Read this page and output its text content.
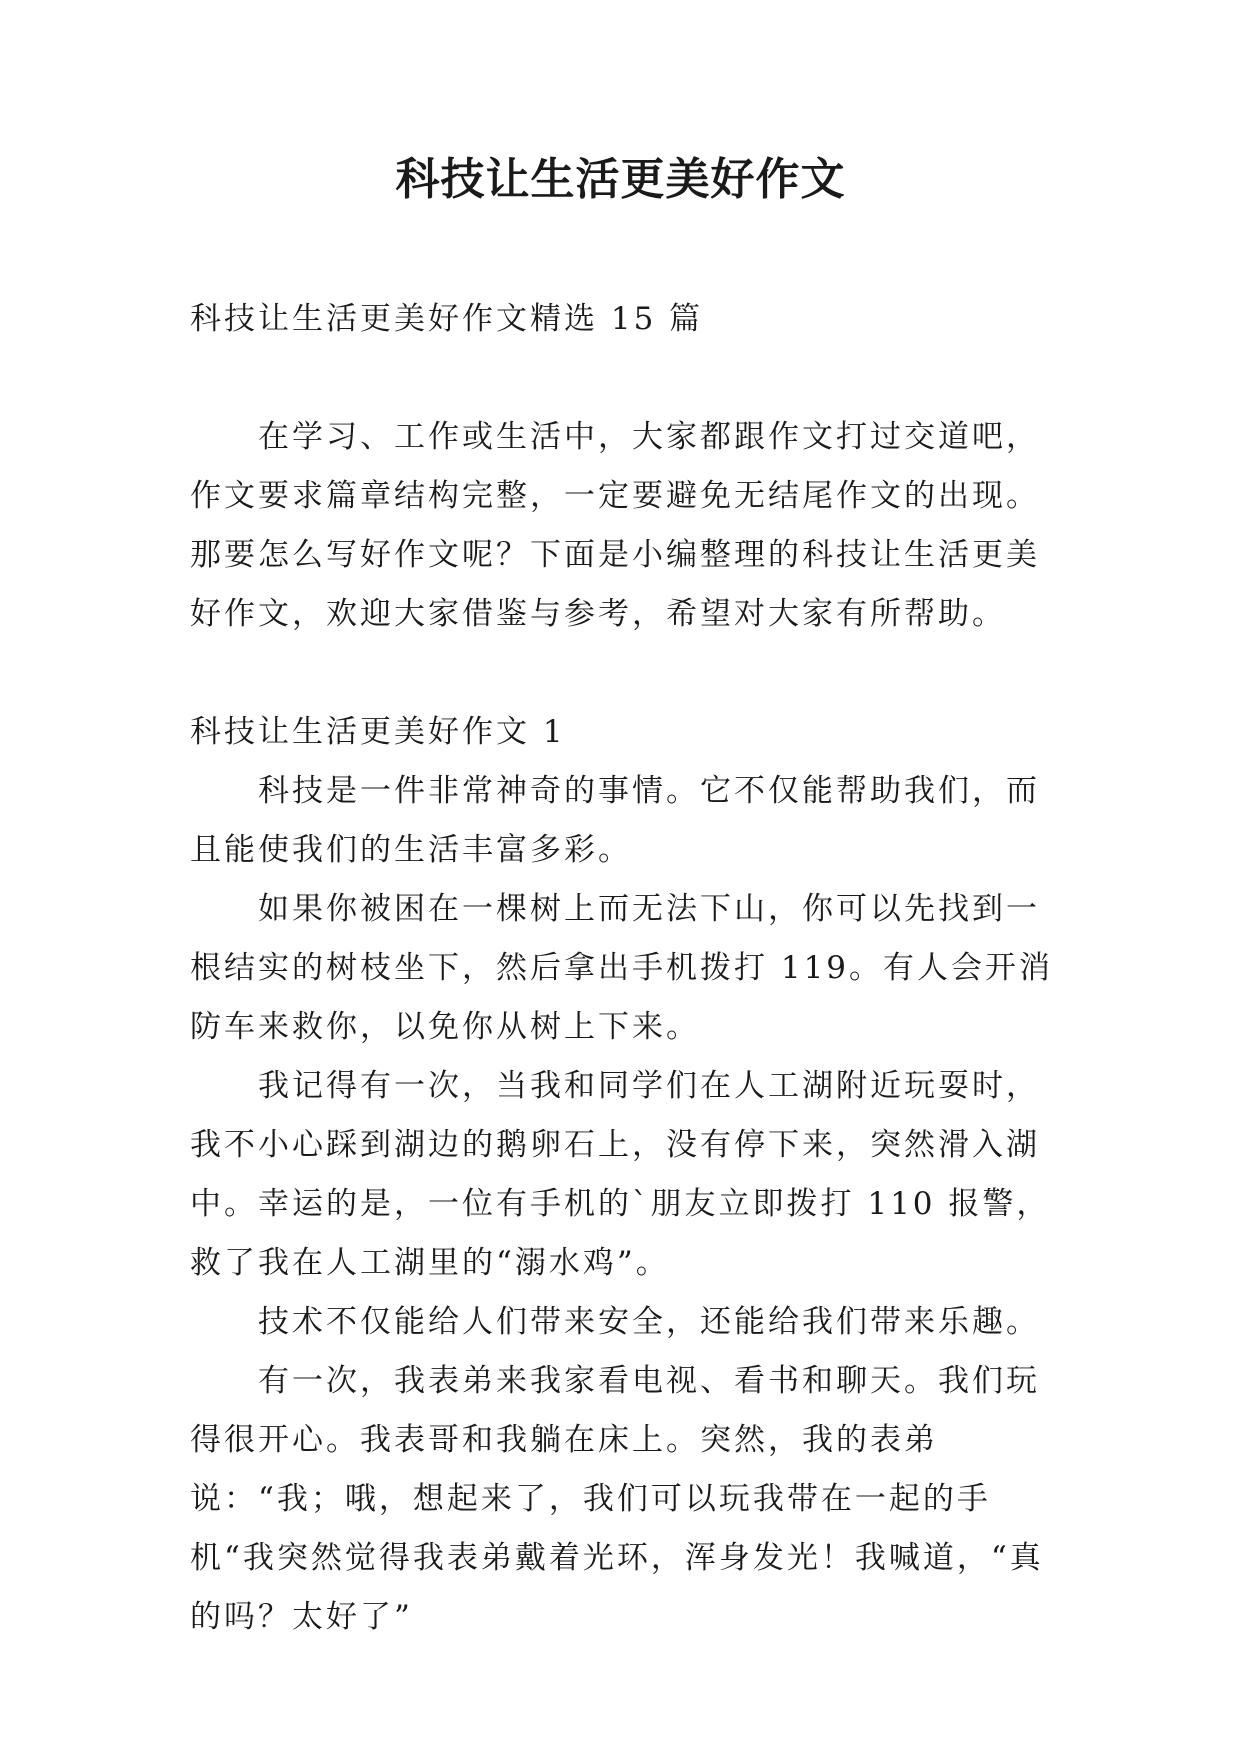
科技让生活更美好作文

科技让生活更美好作文精选 15 篇

在学习、工作或生活中，大家都跟作文打过交道吧，作文要求篇章结构完整，一定要避免无结尾作文的出现。那要怎么写好作文呢？下面是小编整理的科技让生活更美好作文，欢迎大家借鉴与参考，希望对大家有所帮助。

科技让生活更美好作文 1

科技是一件非常神奇的事情。它不仅能帮助我们，而且能使我们的生活丰富多彩。

如果你被困在一棵树上而无法下山，你可以先找到一根结实的树枝坐下，然后拿出手机拨打 119。有人会开消防车来救你，以免你从树上下来。

我记得有一次，当我和同学们在人工湖附近玩耍时，我不小心踩到湖边的鹅卵石上，没有停下来，突然滑入湖中。幸运的是，一位有手机的`朋友立即拨打 110 报警，救了我在人工湖里的“溺水鸡”。

技术不仅能给人们带来安全，还能给我们带来乐趣。

有一次，我表弟来我家看电视、看书和聊天。我们玩得很开心。我表哥和我躺在床上。突然，我的表弟说：“我；哦，想起来了，我们可以玩我带在一起的手机“我突然觉得我表弟戴着光环，浑身发光！我喊道，“真的吗？太好了”
